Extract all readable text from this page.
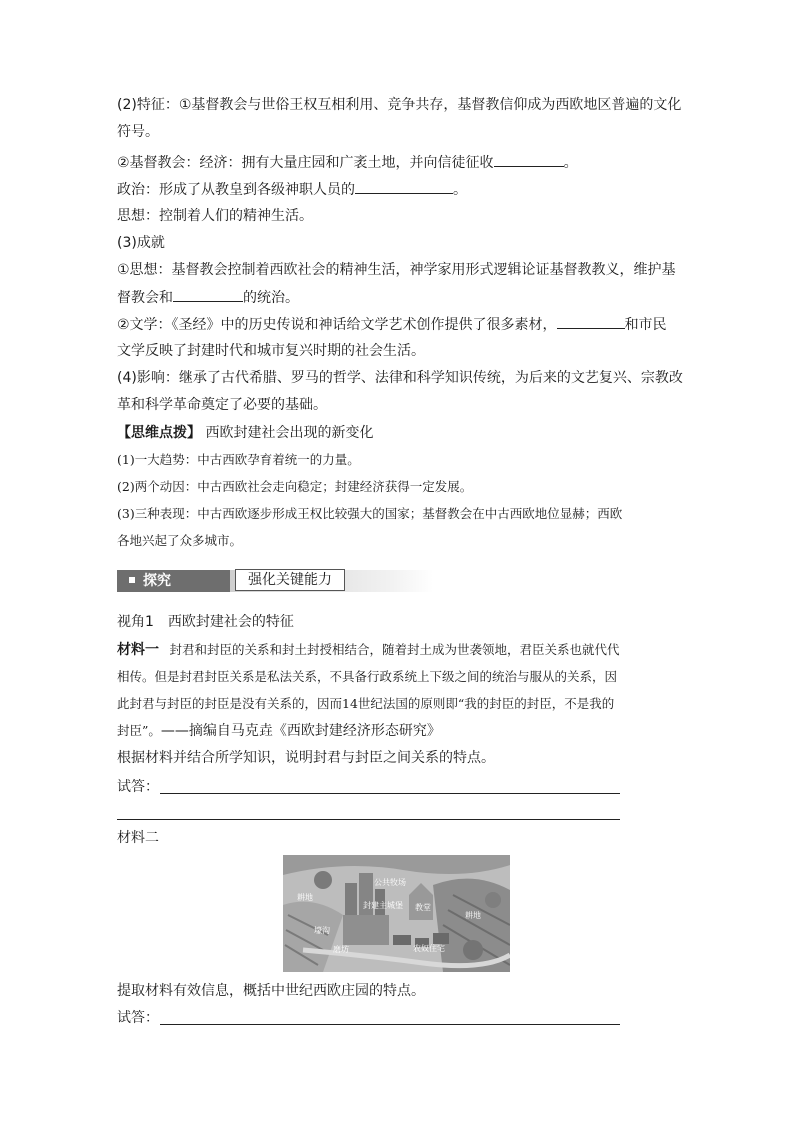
(2)特征：①基督教会与世俗王权互相利用、竞争共存，基督教信仰成为西欧地区普遍的文化
符号。
②基督教会：经济：拥有大量庄园和广袤土地，并向信徒征收	。
政治：形成了从教皇到各级神职人员的	。
思想：控制着人们的精神生活。
(3)成就
①思想：基督教会控制着西欧社会的精神生活，神学家用形式逻辑论证基督教教义，维护基
督教会和	的统治。
②文学：《圣经》中的历史传说和神话给文学艺术创作提供了很多素材，	和市民
文学反映了封建时代和城市复兴时期的社会生活。
(4)影响：继承了古代希腊、罗马的哲学、法律和科学知识传统，为后来的文艺复兴、宗教改
革和科学革命奠定了必要的基础。
【思维点拨】 西欧封建社会出现的新变化
(1)一大趋势：中古西欧孕育着统一的力量。
(2)两个动因：中古西欧社会走向稳定；封建经济获得一定发展。
(3)三种表现：中古西欧逐步形成王权比较强大的国家；基督教会在中古西欧地位显赫；西欧
各地兴起了众多城市。
探究	强化关键能力
视角1　西欧封建社会的特征
材料一 封君和封臣的关系和封土封授相结合，随着封土成为世袭领地，君臣关系也就代代
相传。但是封君封臣关系是私法关系，不具备行政系统上下级之间的统治与服从的关系，因
此封君与封臣的封臣是没有关系的，因而14世纪法国的原则即“我的封臣的封臣，不是我的
封臣”。——摘编自马克垚《西欧封建经济形态研究》
根据材料并结合所学知识，说明封君与封臣之间关系的特点。
试答：
材料二
公共牧场
耕地
封建主城堡 教堂
耕地
壕沟
磨坊	农奴住宅
提取材料有效信息，概括中世纪西欧庄园的特点。
试答：
